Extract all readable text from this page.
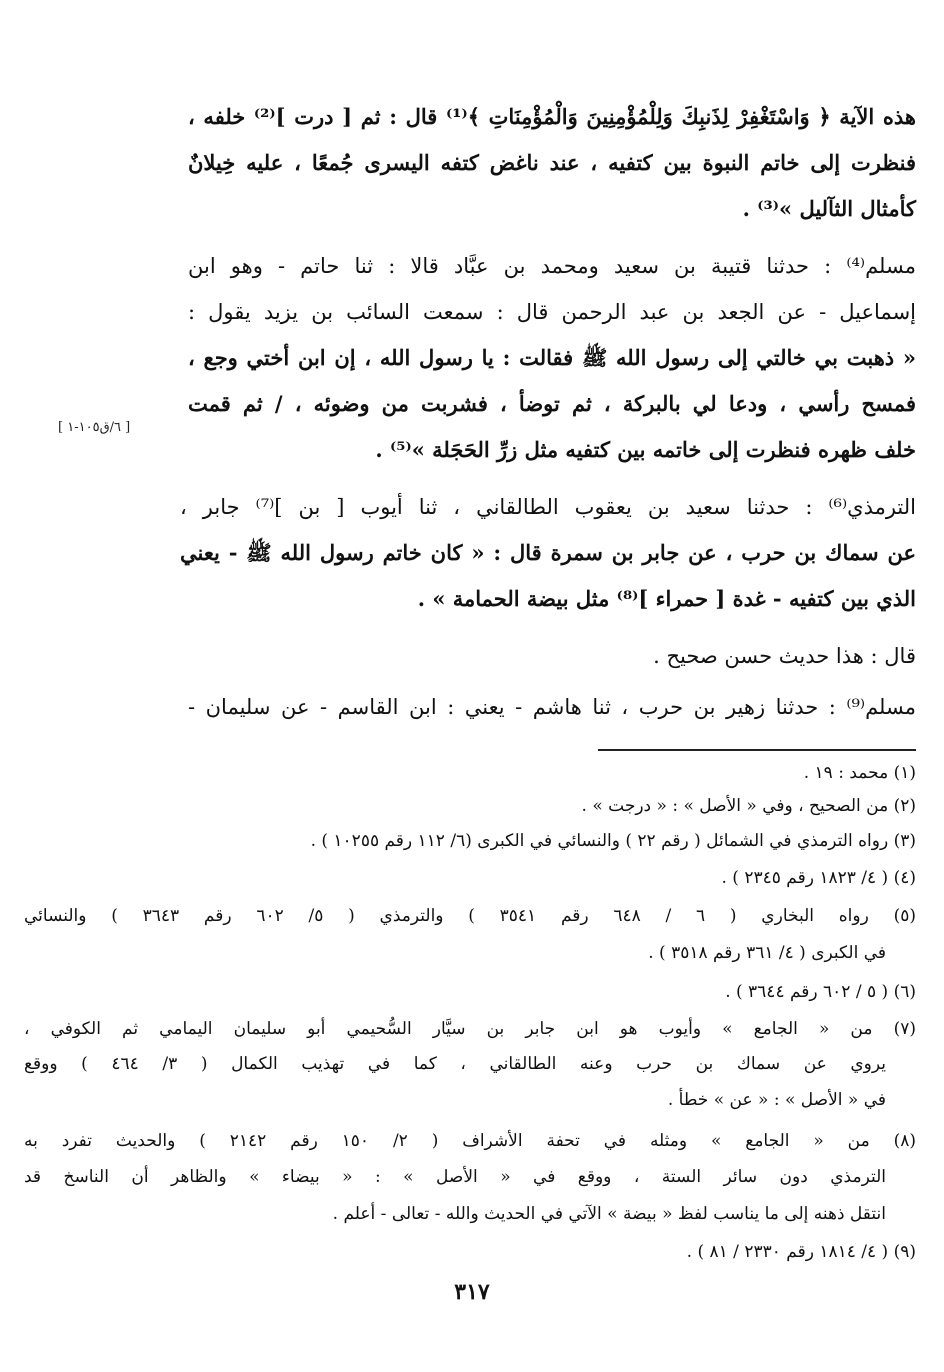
هذه الآية ﴿ وَاسْتَغْفِرْ لِذَنبِكَ وَلِلْمُؤْمِنِينَ وَالْمُؤْمِنَاتِ ﴾⁽¹⁾ قال : ثم [ درت ]⁽²⁾ خلفه ،
فنظرت إلى خاتم النبوة بين كتفيه ، عند ناغض كتفه اليسرى جُمعًا ، عليه خِيلانٌ
كأمثال الثآليل »⁽³⁾ .
مسلم⁽⁴⁾ : حدثنا قتيبة بن سعيد ومحمد بن عبَّاد قالا : ثنا حاتم - وهو ابن
إسماعيل - عن الجعد بن عبد الرحمن قال : سمعت السائب بن يزيد يقول :
« ذهبت بي خالتي إلى رسول الله ﷺ فقالت : يا رسول الله ، إن ابن أختي وجع ،
فمسح رأسي ، ودعا لي بالبركة ، ثم توضأ ، فشربت من وضوئه ، / ثم قمت
خلف ظهره فنظرت إلى خاتمه بين كتفيه مثل زرِّ الحَجَلة »⁽⁵⁾ .
الترمذي⁽⁶⁾ : حدثنا سعيد بن يعقوب الطالقاني ، ثنا أيوب [ بن ]⁽⁷⁾ جابر ،
عن سماك بن حرب ، عن جابر بن سمرة قال : « كان خاتم رسول الله ﷺ - يعني
الذي بين كتفيه - غدة [ حمراء ]⁽⁸⁾ مثل بيضة الحمامة » .
قال : هذا حديث حسن صحيح .
مسلم⁽⁹⁾ : حدثنا زهير بن حرب ، ثنا هاشم - يعني : ابن القاسم - عن سليمان -
[ ٦/ق١٠٥-١ ]
(١) محمد : ١٩ .
(٢) من الصحيح ، وفي « الأصل » : « درجت » .
(٣) رواه الترمذي في الشمائل ( رقم ٢٢ ) والنسائي في الكبرى (٦/ ١١٢ رقم ١٠٢٥٥ ) .
(٤) ( ٤/ ١٨٢٣ رقم ٢٣٤٥ ) .
(٥) رواه البخاري ( ٦ / ٦٤٨ رقم ٣٥٤١ ) والترمذي ( ٥/ ٦٠٢ رقم ٣٦٤٣ ) والنسائي
في الكبرى ( ٤/ ٣٦١ رقم ٣٥١٨ ) .
(٦) ( ٥ / ٦٠٢ رقم ٣٦٤٤ ) .
(٧) من « الجامع » وأيوب هو ابن جابر بن سيَّار السُّحيمي أبو سليمان اليمامي ثم الكوفي ،
يروي عن سماك بن حرب وعنه الطالقاني ، كما في تهذيب الكمال ( ٣/ ٤٦٤ ) ووقع
في « الأصل » : « عن » خطأ .
(٨) من « الجامع » ومثله في تحفة الأشراف ( ٢/ ١٥٠ رقم ٢١٤٢ ) والحديث تفرد به
الترمذي دون سائر الستة ، ووقع في « الأصل » : « بيضاء » والظاهر أن الناسخ قد
انتقل ذهنه إلى ما يناسب لفظ « بيضة » الآتي في الحديث والله - تعالى - أعلم .
(٩) ( ٤/ ١٨١٤ رقم ٢٣٣٠ / ٨١ ) .
٣١٧
